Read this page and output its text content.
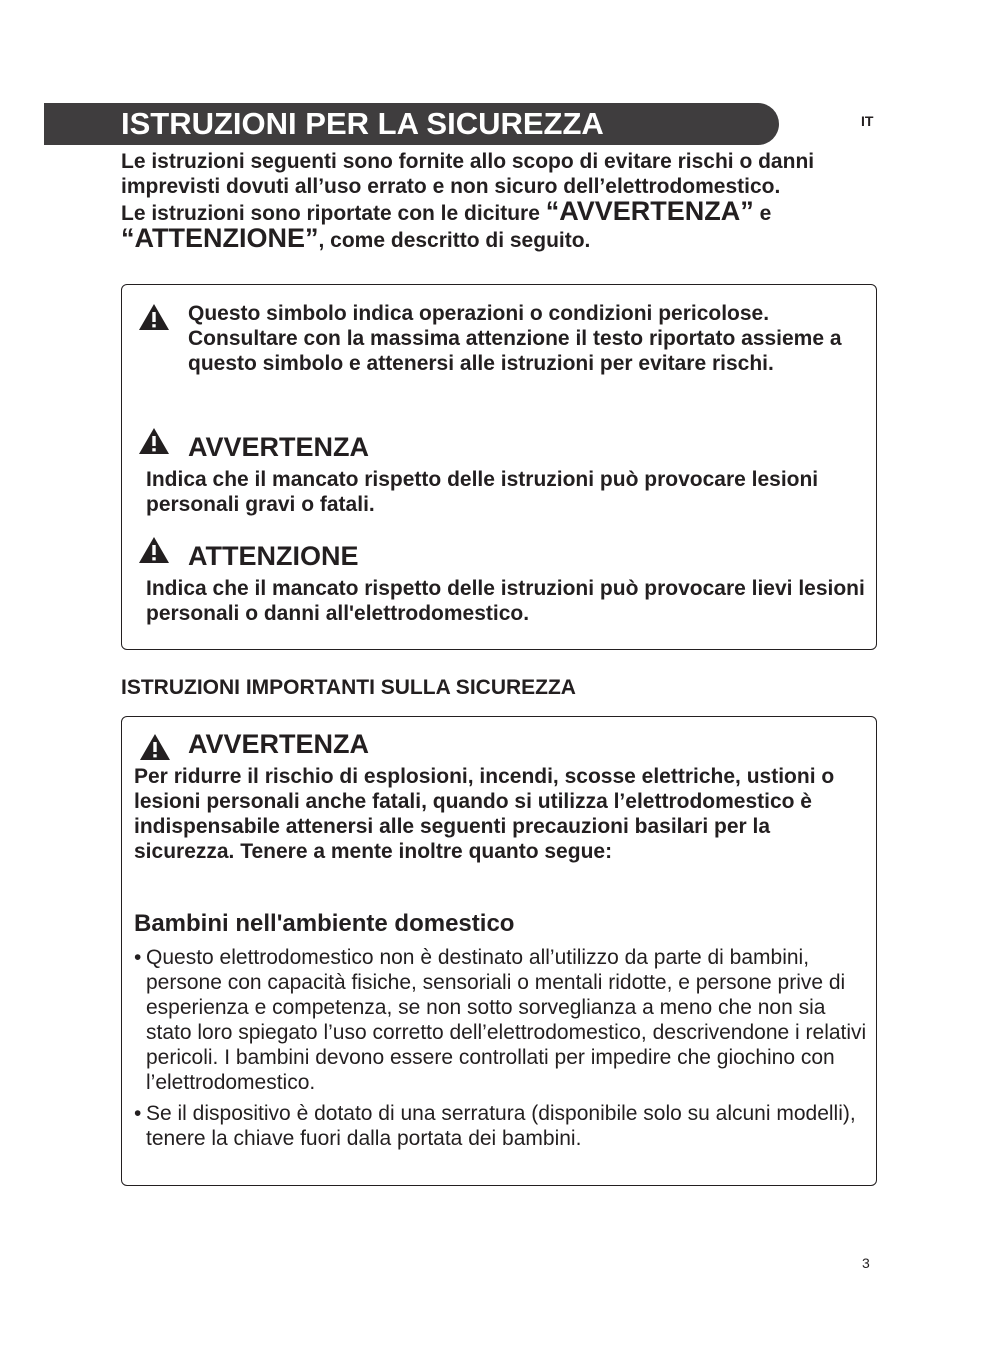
ISTRUZIONI PER LA SICUREZZA	IT
Le istruzioni seguenti sono fornite allo scopo di evitare rischi o danni imprevisti dovuti all’uso errato e non sicuro dell’elettrodomestico.
Le istruzioni sono riportate con le diciture “AVVERTENZA” e “ATTENZIONE”, come descritto di seguito.
Questo simbolo indica operazioni o condizioni pericolose. Consultare con la massima attenzione il testo riportato assieme a questo simbolo e attenersi alle istruzioni per evitare rischi.
AVVERTENZA
Indica che il mancato rispetto delle istruzioni può provocare lesioni personali gravi o fatali.
ATTENZIONE
Indica che il mancato rispetto delle istruzioni può provocare lievi lesioni personali o danni all'elettrodomestico.
ISTRUZIONI IMPORTANTI SULLA SICUREZZA
AVVERTENZA
Per ridurre il rischio di esplosioni, incendi, scosse elettriche, ustioni o lesioni personali anche fatali, quando si utilizza l’elettrodomestico è indispensabile attenersi alle seguenti precauzioni basilari per la sicurezza. Tenere a mente inoltre quanto segue:
Bambini nell'ambiente domestico
• Questo elettrodomestico non è destinato all’utilizzo da parte di bambini, persone con capacità fisiche, sensoriali o mentali ridotte, e persone prive di esperienza e competenza, se non sotto sorveglianza a meno che non sia stato loro spiegato l’uso corretto dell’elettrodomestico, descrivendone i relativi pericoli. I bambini devono essere controllati per impedire che giochino con l’elettrodomestico.
• Se il dispositivo è dotato di una serratura (disponibile solo su alcuni modelli), tenere la chiave fuori dalla portata dei bambini.
3
